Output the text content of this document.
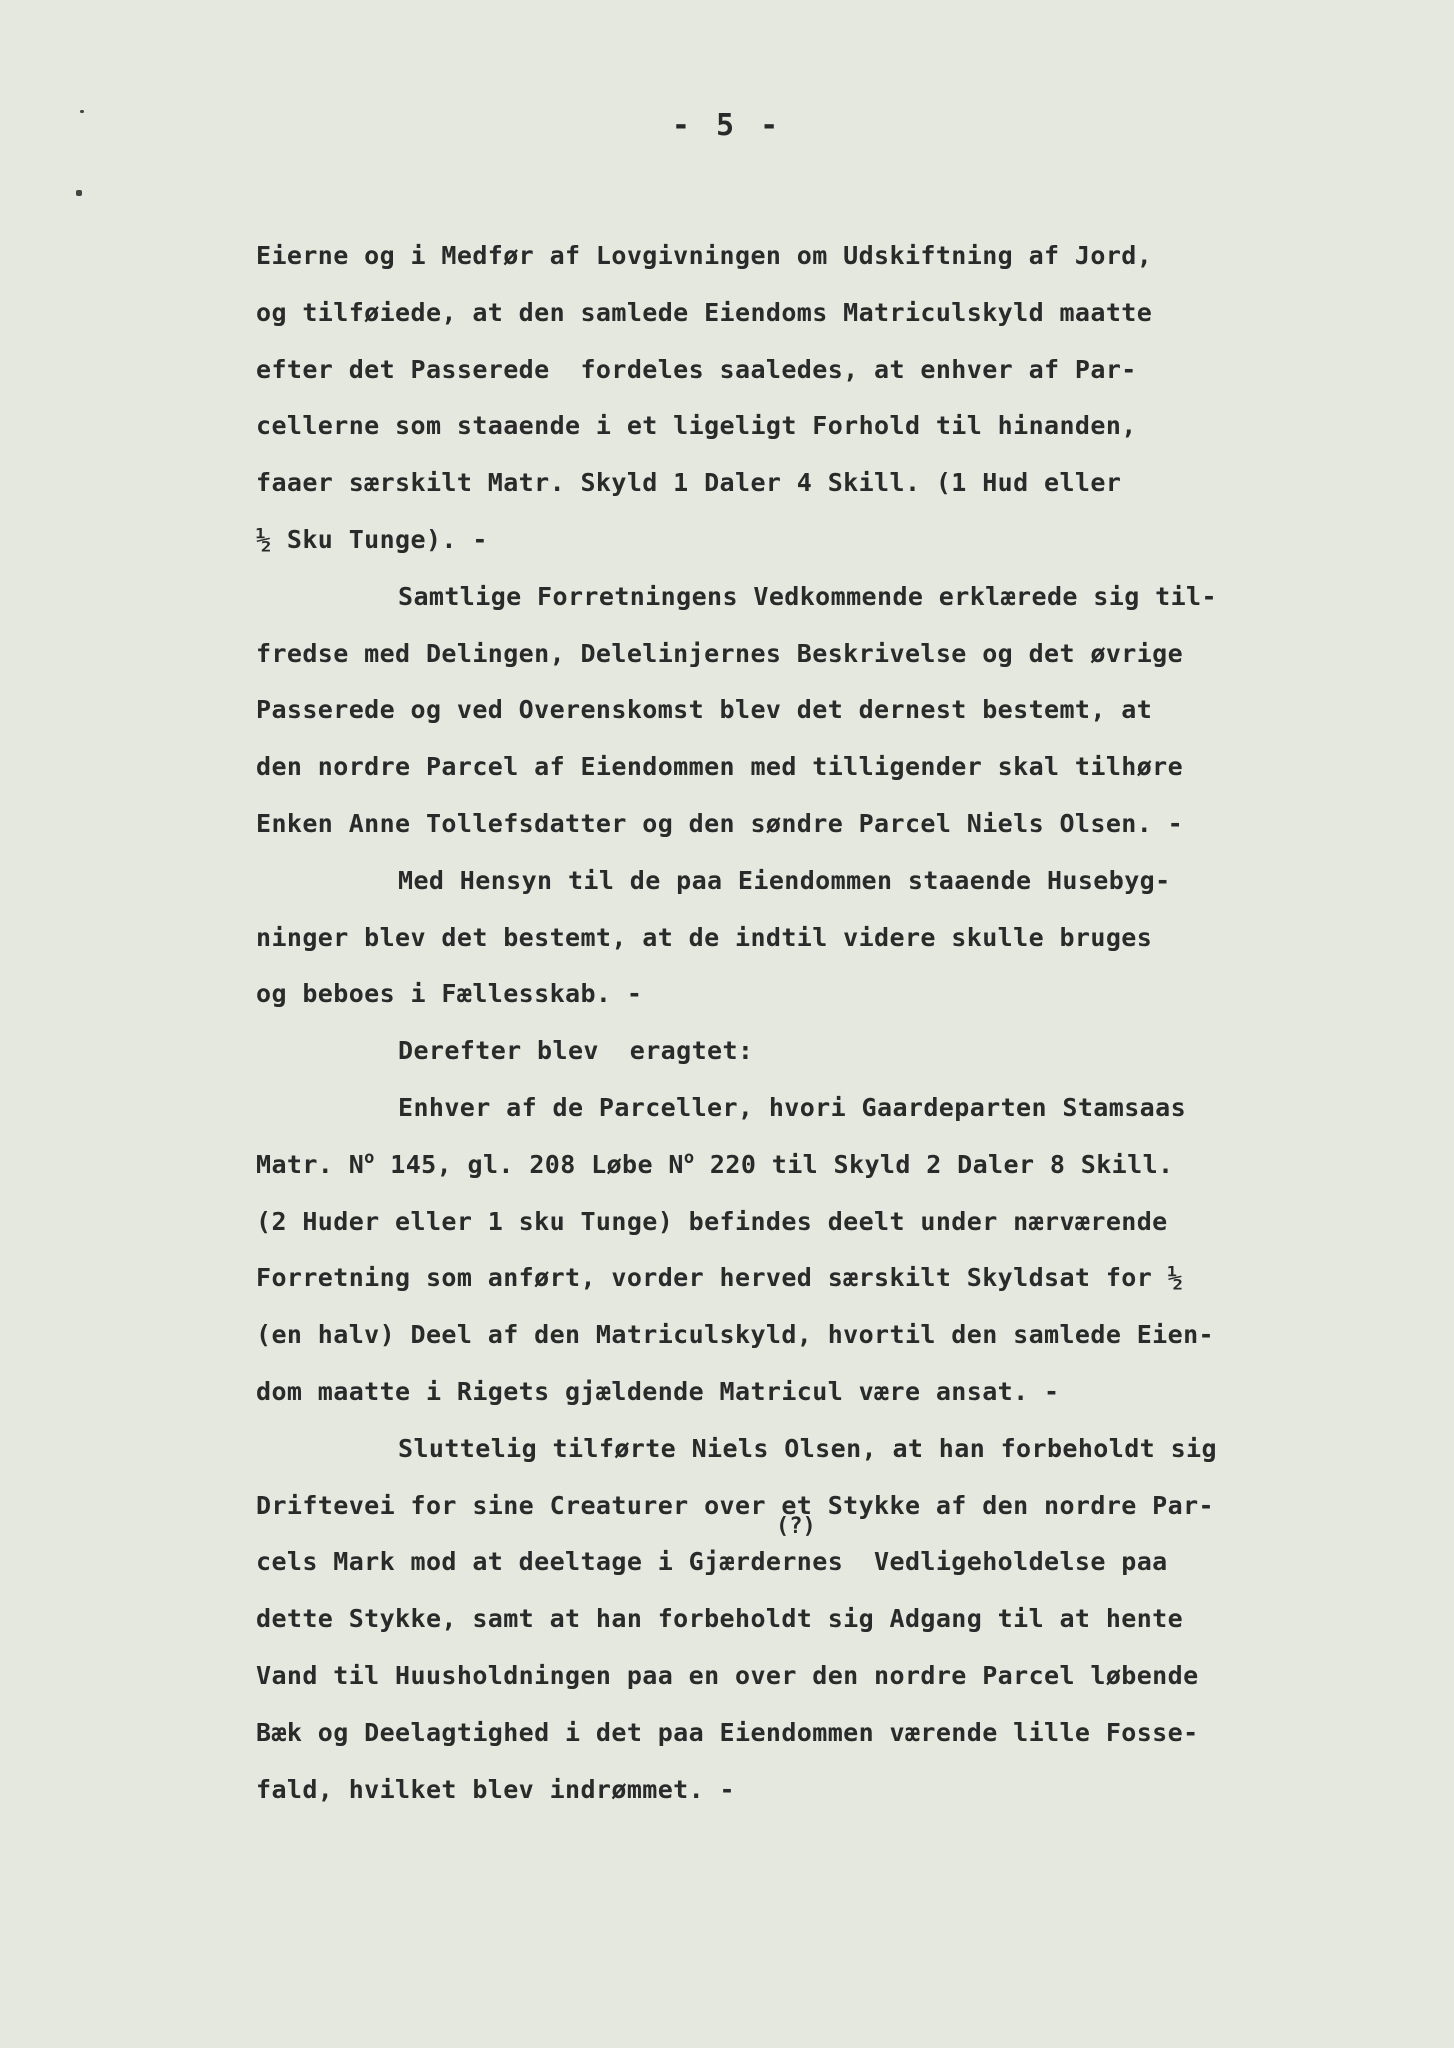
- 5 -
Eierne og i Medfør af Lovgivningen om Udskiftning af Jord,
og tilføiede, at den samlede Eiendoms Matriculskyld maatte
efter det Passerede  fordeles saaledes, at enhver af Par-
cellerne som staaende i et ligeligt Forhold til hinanden,
faaer særskilt Matr. Skyld 1 Daler 4 Skill. (1 Hud eller
½ Sku Tunge). -
Samtlige Forretningens Vedkommende erklærede sig til-
fredse med Delingen, Delelinjernes Beskrivelse og det øvrige
Passerede og ved Overenskomst blev det dernest bestemt, at
den nordre Parcel af Eiendommen med tilligender skal tilhøre
Enken Anne Tollefsdatter og den søndre Parcel Niels Olsen. -
Med Hensyn til de paa Eiendommen staaende Husebyg-
ninger blev det bestemt, at de indtil videre skulle bruges
og beboes i Fællesskab. -
Derefter blev  eragtet:
Enhver af de Parceller, hvori Gaardeparten Stamsaas
Matr. $N^o$ 145, gl. 208 Løbe $N^o$ 220 til Skyld 2 Daler 8 Skill.
(2 Huder eller 1 sku Tunge) befindes deelt under nærværende
Forretning som anført, vorder herved særskilt Skyldsat for ½
(en halv) Deel af den Matriculskyld, hvortil den samlede Eien-
dom maatte i Rigets gjældende Matricul være ansat. -
Sluttelig tilførte Niels Olsen, at han forbeholdt sig
Driftevei for sine Creaturer over et Stykke af den nordre Par-
cels Mark mod at deeltage i Gjærdernes  Vedligeholdelse paa
dette Stykke, samt at han forbeholdt sig Adgang til at hente
Vand til Huusholdningen paa en over den nordre Parcel løbende
Bæk og Deelagtighed i det paa Eiendommen værende lille Fosse-
fald, hvilket blev indrømmet. -
(?)
